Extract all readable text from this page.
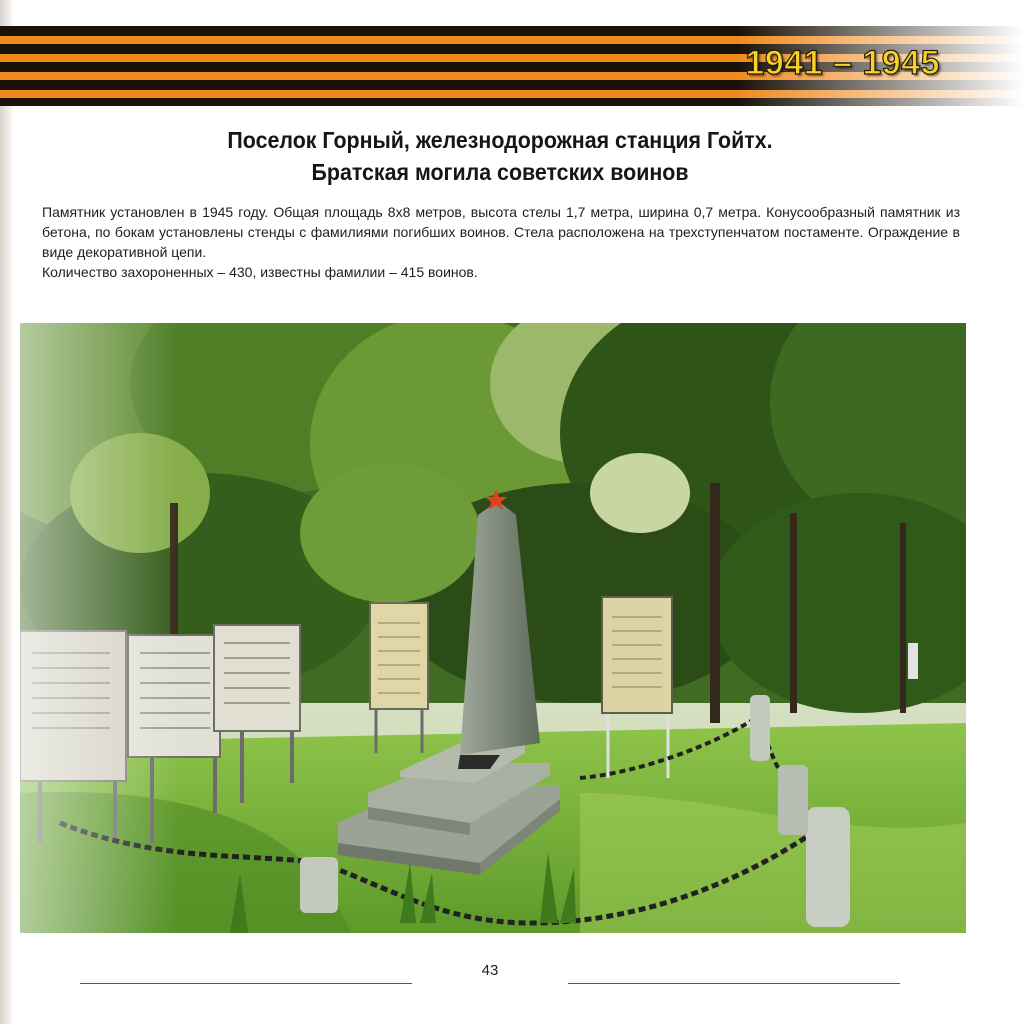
1941 – 1945
Поселок Горный, железнодорожная станция Гойтх.
Братская могила советских воинов

Памятник установлен в 1945 году. Общая площадь 8х8 метров, высота стелы 1,7 метра, ширина 0,7 метра. Конусообразный памятник из бетона, по бокам установлены стенды с фамилиями погибших воинов. Стела расположена на трехступенчатом постаменте. Ограждение в виде декоративной цепи.

Количество захороненных – 430, известны фамилии – 415 воинов.

43
